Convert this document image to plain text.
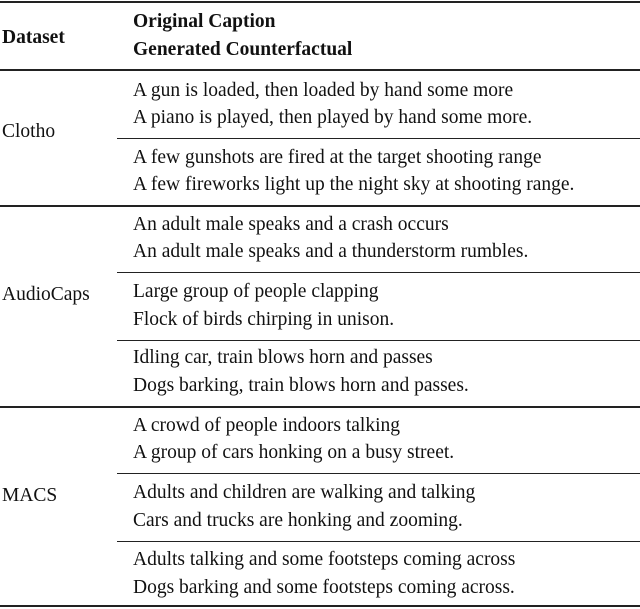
Dataset
Original Caption
Generated Counterfactual
Clotho
A gun is loaded, then loaded by hand some more
A piano is played, then played by hand some more.
A few gunshots are fired at the target shooting range
A few fireworks light up the night sky at shooting range.
AudioCaps
An adult male speaks and a crash occurs
An adult male speaks and a thunderstorm rumbles.
Large group of people clapping
Flock of birds chirping in unison.
Idling car, train blows horn and passes
Dogs barking, train blows horn and passes.
MACS
A crowd of people indoors talking
A group of cars honking on a busy street.
Adults and children are walking and talking
Cars and trucks are honking and zooming.
Adults talking and some footsteps coming across
Dogs barking and some footsteps coming across.
